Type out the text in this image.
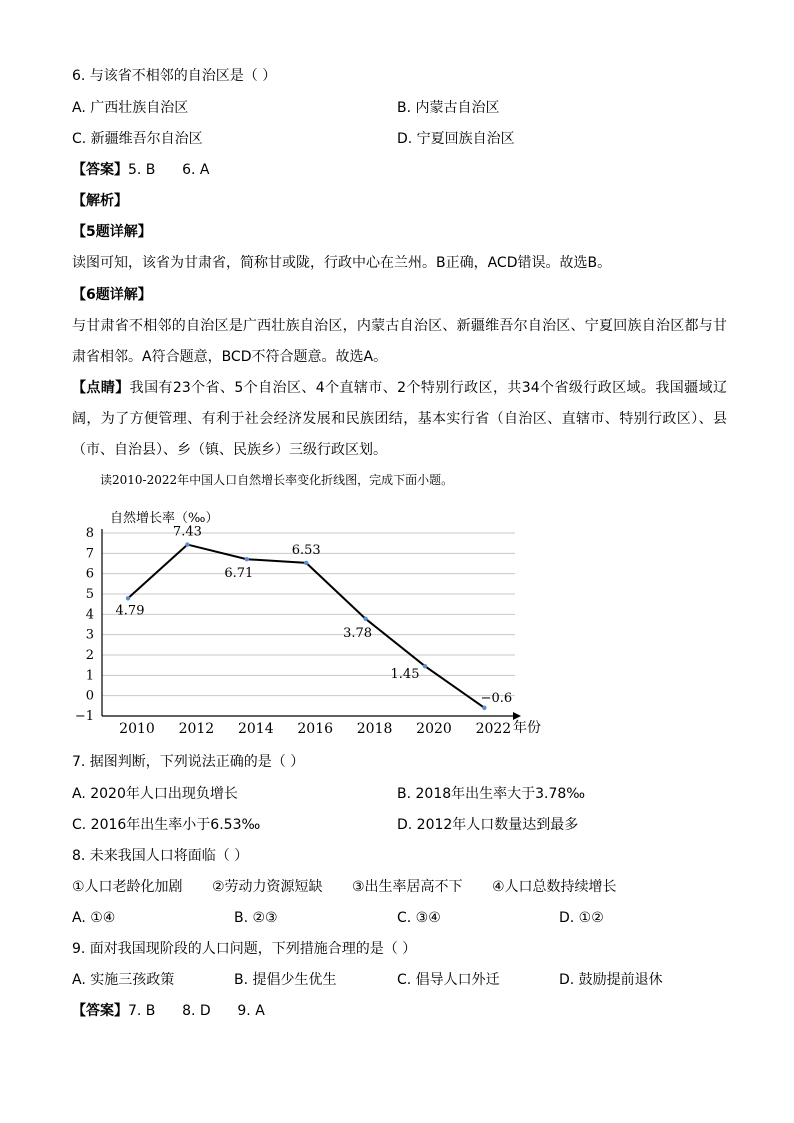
6. 与该省不相邻的自治区是（ ）
A. 广西壮族自治区	B. 内蒙古自治区
C. 新疆维吾尔自治区	D. 宁夏回族自治区
【答案】5. B      6. A
【解析】
【5题详解】
读图可知，该省为甘肃省，简称甘或陇，行政中心在兰州。B正确，ACD错误。故选B。
【6题详解】
与甘肃省不相邻的自治区是广西壮族自治区，内蒙古自治区、新疆维吾尔自治区、宁夏回族自治区都与甘肃省相邻。A符合题意，BCD不符合题意。故选A。
【点睛】我国有23个省、5个自治区、4个直辖市、2个特别行政区，共34个省级行政区域。我国疆域辽阔，为了方便管理、有利于社会经济发展和民族团结，基本实行省（自治区、直辖市、特别行政区）、县（市、自治县）、乡（镇、民族乡）三级行政区划。
读2010-2022年中国人口自然增长率变化折线图，完成下面小题。
8
7
6
5
4
3
2
1
0
−1
2010 2012 2014 2016 2018 2020 2022
4.79
7.43
6.71
6.53
3.78
1.45
−0.6
自然增长率（‰）
年份
7. 据图判断，下列说法正确的是（ ）
A. 2020年人口出现负增长	B. 2018年出生率大于3.78‰
C. 2016年出生率小于6.53‰	D. 2012年人口数量达到最多
8. 未来我国人口将面临（ ）
①人口老龄化加剧 ②劳动力资源短缺 ③出生率居高不下 ④人口总数持续增长
A. ①④	B. ②③	C. ③④	D. ①②
9. 面对我国现阶段的人口问题，下列措施合理的是（ ）
A. 实施三孩政策	B. 提倡少生优生	C. 倡导人口外迁	D. 鼓励提前退休
【答案】7. B      8. D      9. A
